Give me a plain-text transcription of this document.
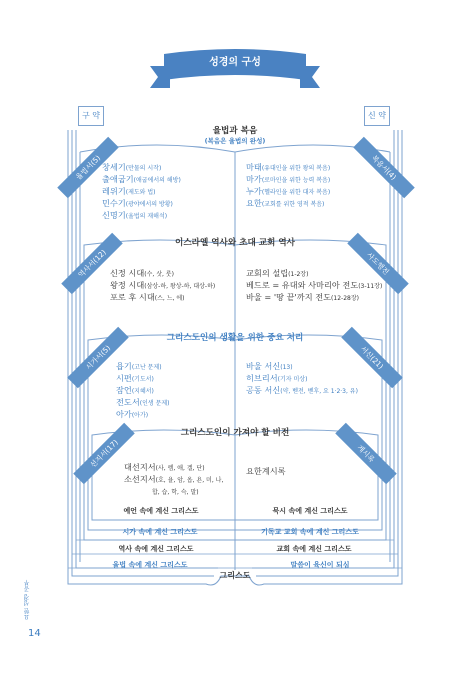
성경의 구성
구 약	신 약
율법과 복음
(복음은 율법의 완성)
율법서(5)	복음서(4)
창세기(만물의 시작)
출애굽기(애굽에서의 해방)
레위기(제도와 법)
민수기(광야에서의 방황)
신명기(율법의 재해석)
마태(유대인을 위한 왕의 복음)
마가(로마인을 위한 능력 복음)
누가(헬라인을 위한 대자 복음)
요한(교회를 위한 영적 복음)
이스라엘 역사와 초대 교회 역사
역사서(12)	사도행전
신정 시대(수, 삿, 룻)
왕정 시대(삼상-하, 왕상-하, 대상-하)
포로 후 시대(스, 느, 에)
교회의 설립(1-2장)
베드로 = 유대와 사마리아 전도(3-11장)
바울 = '땅 끝'까지 전도(12-28장)
그리스도인의 생활을 위한 중요 처리
시가서(5)	서신(21)
욥기(고난 문제)
시편(기도서)
잠언(지혜서)
전도서(인생 문제)
아가(아가)
바울 서신(13)
히브리서(기자 미상)
공동 서신(약, 벧전, 벧후, 요 1·2·3, 유)
그리스도인이 가져야 할 비전
선지서(17)	계시록
대선지서(사, 렘, 애, 겔, 단)
소선지서(호, 욜, 암, 옵, 욘, 미, 나,
합, 습, 학, 슥, 말)
요한계시록
예언 속에 계신 그리스도	묵시 속에 계신 그리스도
시가 속에 계신 그리스도	기독교 교회 속에 계신 그리스도
역사 속에 계신 그리스도	교회 속에 계신 그리스도
율법 속에 계신 그리스도	말씀이 육신이 되심
그리스도
요한 성경 공부
14
